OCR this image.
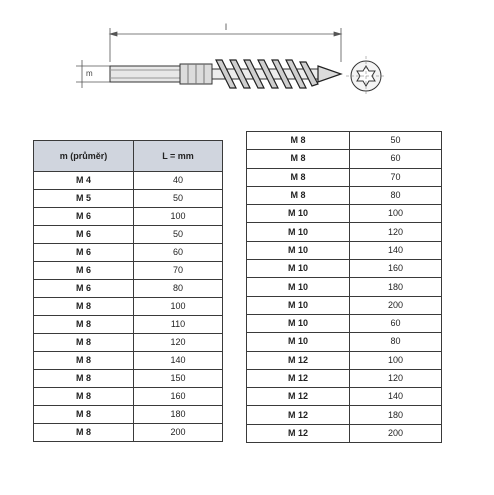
l
m
m (průměr)	L = mm
M 4	40
M 5	50
M 6	100
M 6	50
M 6	60
M 6	70
M 6	80
M 8	100
M 8	110
M 8	120
M 8	140
M 8	150
M 8	160
M 8	180
M 8	200
M 8	50
M 8	60
M 8	70
M 8	80
M 10	100
M 10	120
M 10	140
M 10	160
M 10	180
M 10	200
M 10	60
M 10	80
M 12	100
M 12	120
M 12	140
M 12	180
M 12	200
